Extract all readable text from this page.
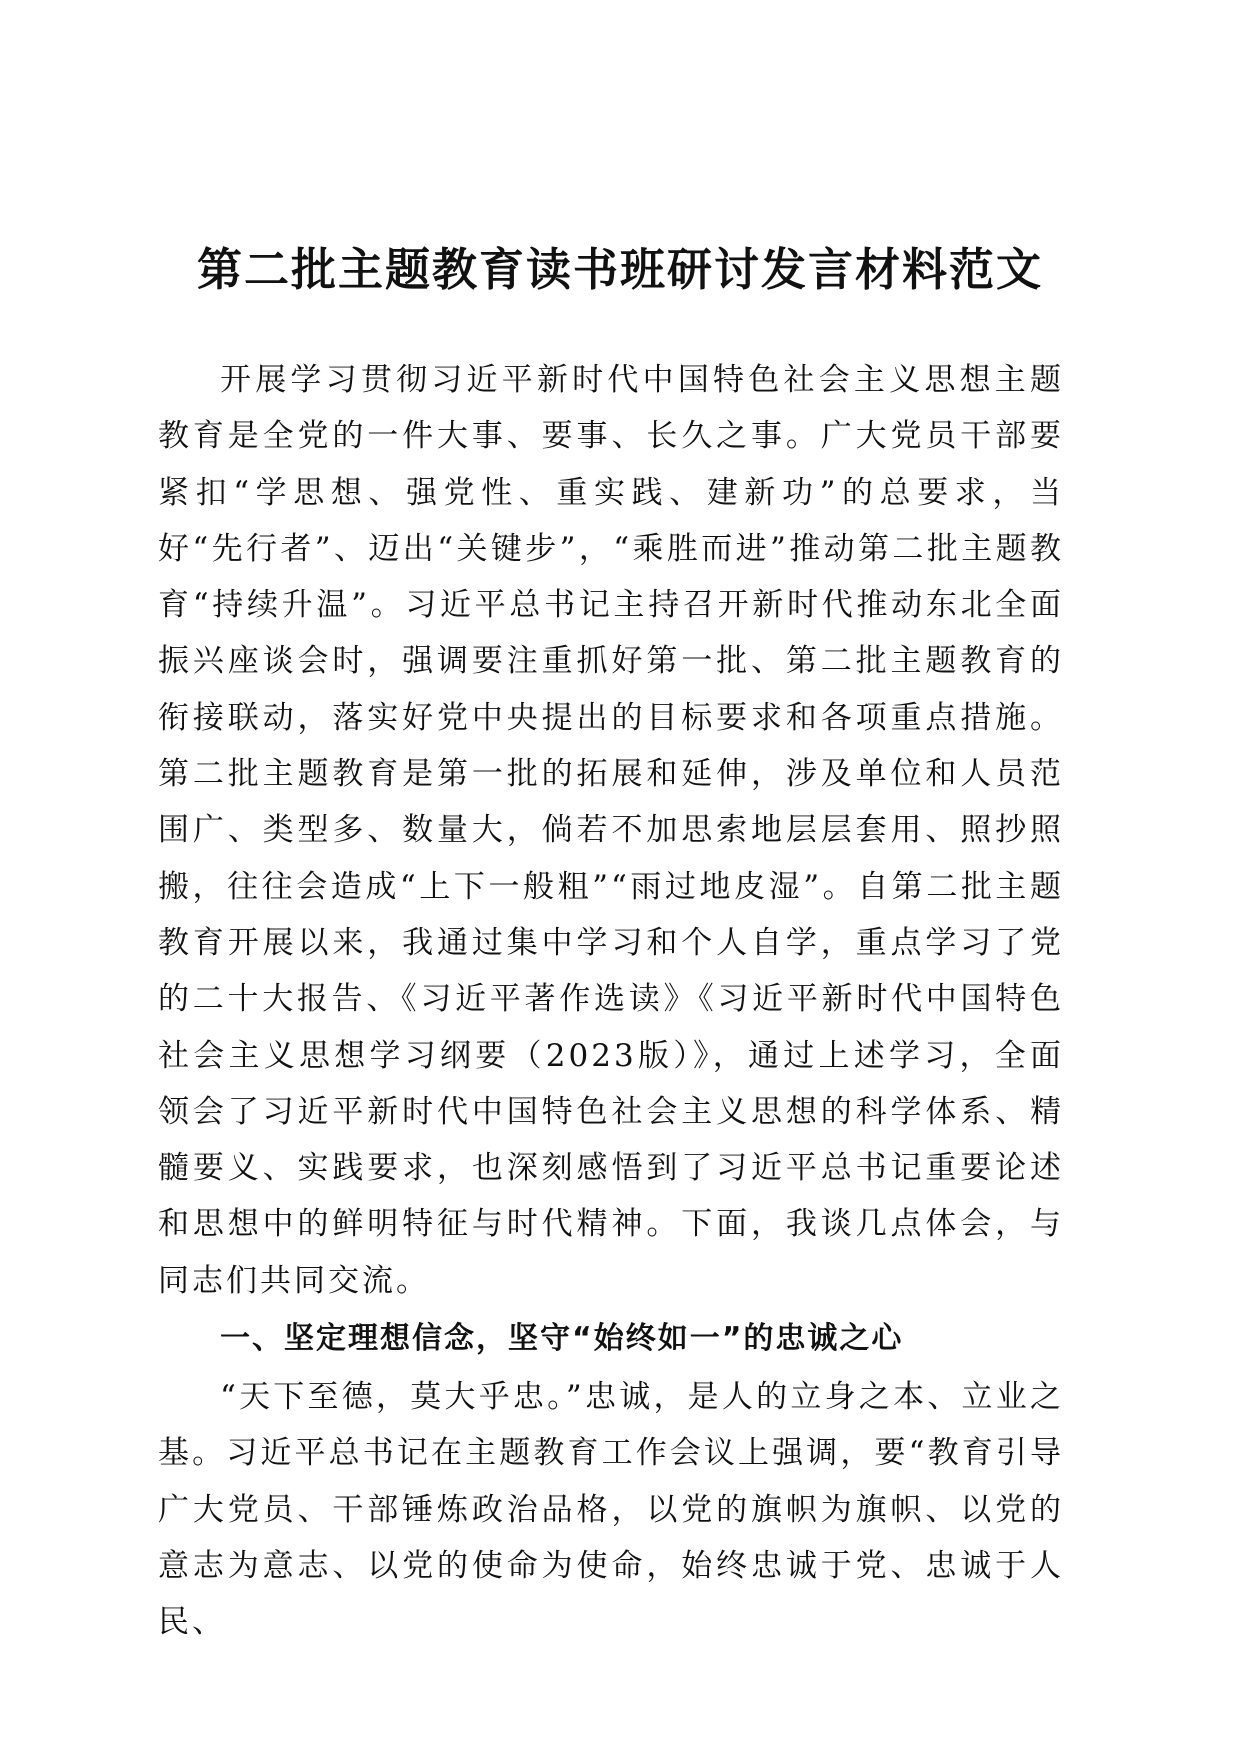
第二批主题教育读书班研讨发言材料范文

开展学习贯彻习近平新时代中国特色社会主义思想主题教育是全党的一件大事、要事、长久之事。广大党员干部要紧扣“学思想、强党性、重实践、建新功”的总要求，当好“先行者”、迈出“关键步”，“乘胜而进”推动第二批主题教育“持续升温”。习近平总书记主持召开新时代推动东北全面振兴座谈会时，强调要注重抓好第一批、第二批主题教育的衔接联动，落实好党中央提出的目标要求和各项重点措施。第二批主题教育是第一批的拓展和延伸，涉及单位和人员范围广、类型多、数量大，倘若不加思索地层层套用、照抄照搬，往往会造成“上下一般粗”“雨过地皮湿”。自第二批主题教育开展以来，我通过集中学习和个人自学，重点学习了党的二十大报告、《习近平著作选读》《习近平新时代中国特色社会主义思想学习纲要（2023版）》，通过上述学习，全面领会了习近平新时代中国特色社会主义思想的科学体系、精髓要义、实践要求，也深刻感悟到了习近平总书记重要论述和思想中的鲜明特征与时代精神。下面，我谈几点体会，与同志们共同交流。

一、坚定理想信念，坚守“始终如一”的忠诚之心

“天下至德，莫大乎忠。”忠诚，是人的立身之本、立业之基。习近平总书记在主题教育工作会议上强调，要“教育引导广大党员、干部锤炼政治品格，以党的旗帜为旗帜、以党的意志为意志、以党的使命为使命，始终忠诚于党、忠诚于人民、
